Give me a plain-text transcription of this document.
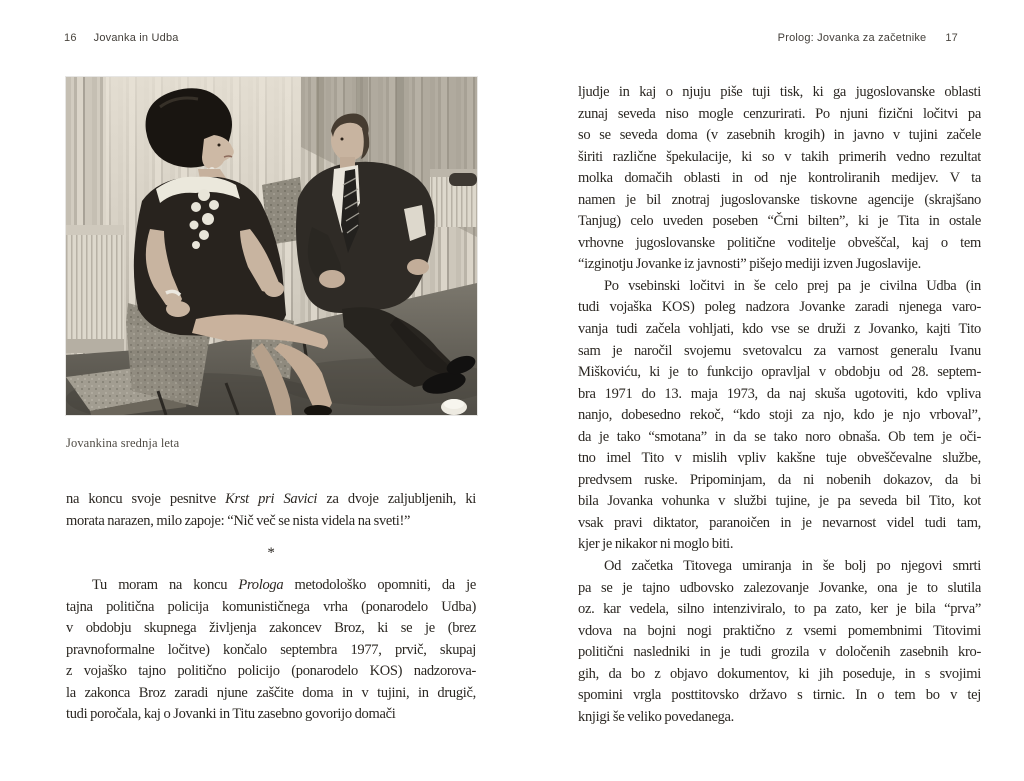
16 Jovanka in Udba	Prolog: Jovanka za začetnike 17
Jovankina srednja leta
na koncu svoje pesnitve Krst pri Savici za dvoje zaljubljenih, ki
morata narazen, milo zapoje: “Nič več se nista videla na sveti!”
*
Tu moram na koncu Prologa metodološko opomniti, da je
tajna politična policija komunističnega vrha (ponarodelo Udba)
v obdobju skupnega življenja zakoncev Broz, ki se je (brez
pravnoformalne ločitve) končalo septembra 1977, prvič, skupaj
z vojaško tajno politično policijo (ponarodelo KOS) nadzorova-
la zakonca Broz zaradi njune zaščite doma in v tujini, in drugič,
tudi poročala, kaj o Jovanki in Titu zasebno govorijo domači
ljudje in kaj o njuju piše tuji tisk, ki ga jugoslovanske oblasti
zunaj seveda niso mogle cenzurirati. Po njuni fizični ločitvi pa
so se seveda doma (v zasebnih krogih) in javno v tujini začele
širiti različne špekulacije, ki so v takih primerih vedno rezultat
molka domačih oblasti in od nje kontroliranih medijev. V ta
namen je bil znotraj jugoslovanske tiskovne agencije (skrajšano
Tanjug) celo uveden poseben “Črni bilten”, ki je Tita in ostale
vrhovne jugoslovanske politične voditelje obveščal, kaj o tem
“izginotju Jovanke iz javnosti” pišejo mediji izven Jugoslavije.
Po vsebinski ločitvi in še celo prej pa je civilna Udba (in
tudi vojaška KOS) poleg nadzora Jovanke zaradi njenega varo-
vanja tudi začela vohljati, kdo vse se druži z Jovanko, kajti Tito
sam je naročil svojemu svetovalcu za varnost generalu Ivanu
Miškoviću, ki je to funkcijo opravljal v obdobju od 28. septem-
bra 1971 do 13. maja 1973, da naj skuša ugotoviti, kdo vpliva
nanjo, dobesedno rekoč, “kdo stoji za njo, kdo je njo vrboval”,
da je tako “smotana” in da se tako noro obnaša. Ob tem je oči-
tno imel Tito v mislih vpliv kakšne tuje obveščevalne službe,
predvsem ruske. Pripominjam, da ni nobenih dokazov, da bi
bila Jovanka vohunka v službi tujine, je pa seveda bil Tito, kot
vsak pravi diktator, paranoičen in je nevarnost videl tudi tam,
kjer je nikakor ni moglo biti.
Od začetka Titovega umiranja in še bolj po njegovi smrti
pa se je tajno udbovsko zalezovanje Jovanke, ona je to slutila
oz. kar vedela, silno intenziviralo, to pa zato, ker je bila “prva”
vdova na bojni nogi praktično z vsemi pomembnimi Titovimi
politični nasledniki in je tudi grozila v določenih zasebnih kro-
gih, da bo z objavo dokumentov, ki jih poseduje, in s svojimi
spomini vrgla posttitovsko državo s tirnic. In o tem bo v tej
knjigi še veliko povedanega.
